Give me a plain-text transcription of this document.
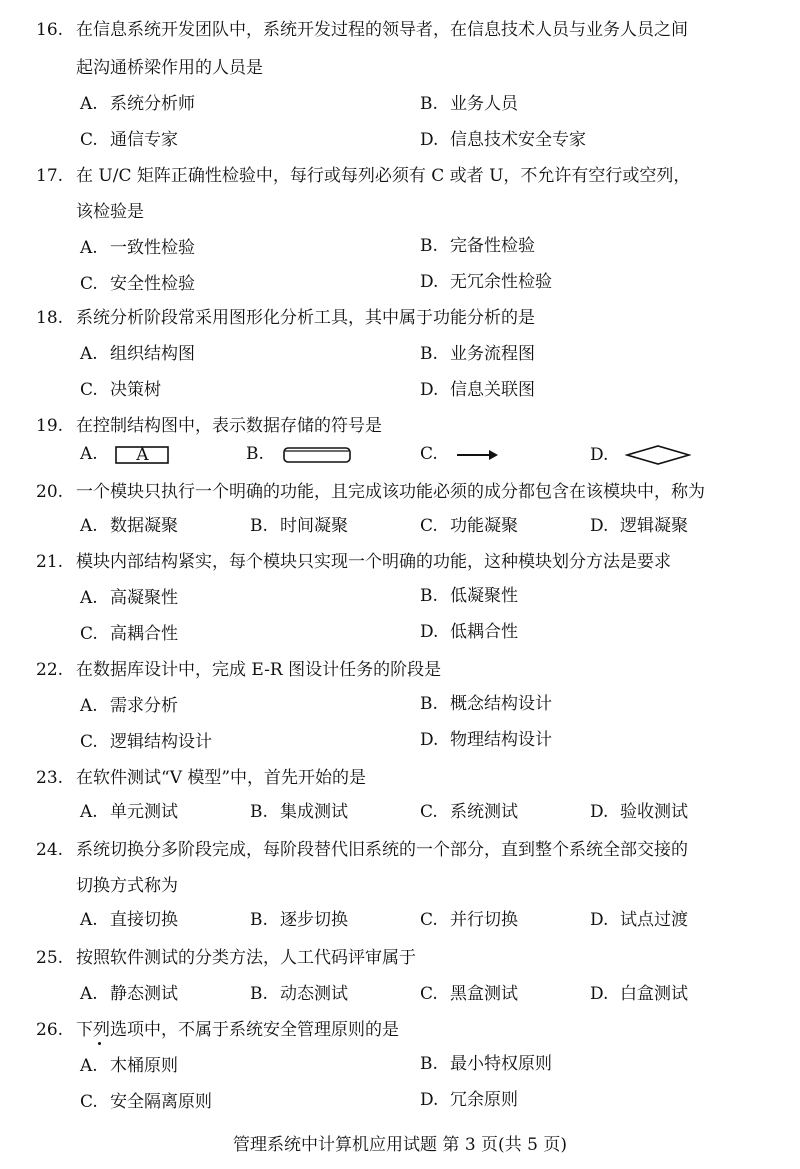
16. 在信息系统开发团队中，系统开发过程的领导者，在信息技术人员与业务人员之间
起沟通桥梁作用的人员是
A. 系统分析师	B. 业务人员
C. 通信专家	D. 信息技术安全专家
17. 在 U/C 矩阵正确性检验中，每行或每列必须有 C 或者 U，不允许有空行或空列，
该检验是
A. 一致性检验	B. 完备性检验
C. 安全性检验	D. 无冗余性检验
18. 系统分析阶段常采用图形化分析工具，其中属于功能分析的是
A. 组织结构图	B. 业务流程图
C. 决策树	D. 信息关联图
19. 在控制结构图中，表示数据存储的符号是
A.	A	B.	C.	D.
20. 一个模块只执行一个明确的功能，且完成该功能必须的成分都包含在该模块中，称为
A. 数据凝聚	B. 时间凝聚	C. 功能凝聚	D. 逻辑凝聚
21. 模块内部结构紧实，每个模块只实现一个明确的功能，这种模块划分方法是要求
A. 高凝聚性	B. 低凝聚性
C. 高耦合性	D. 低耦合性
22. 在数据库设计中，完成 E-R 图设计任务的阶段是
A. 需求分析	B. 概念结构设计
C. 逻辑结构设计	D. 物理结构设计
23. 在软件测试“V 模型”中，首先开始的是
A. 单元测试	B. 集成测试	C. 系统测试	D. 验收测试
24. 系统切换分多阶段完成，每阶段替代旧系统的一个部分，直到整个系统全部交接的
切换方式称为
A. 直接切换	B. 逐步切换	C. 并行切换	D. 试点过渡
25. 按照软件测试的分类方法，人工代码评审属于
A. 静态测试	B. 动态测试	C. 黑盒测试	D. 白盒测试
26. 下列选项中，不属于系统安全管理原则的是
A. 木桶原则	B. 最小特权原则
C. 安全隔离原则	D. 冗余原则
管理系统中计算机应用试题 第 3 页(共 5 页)
